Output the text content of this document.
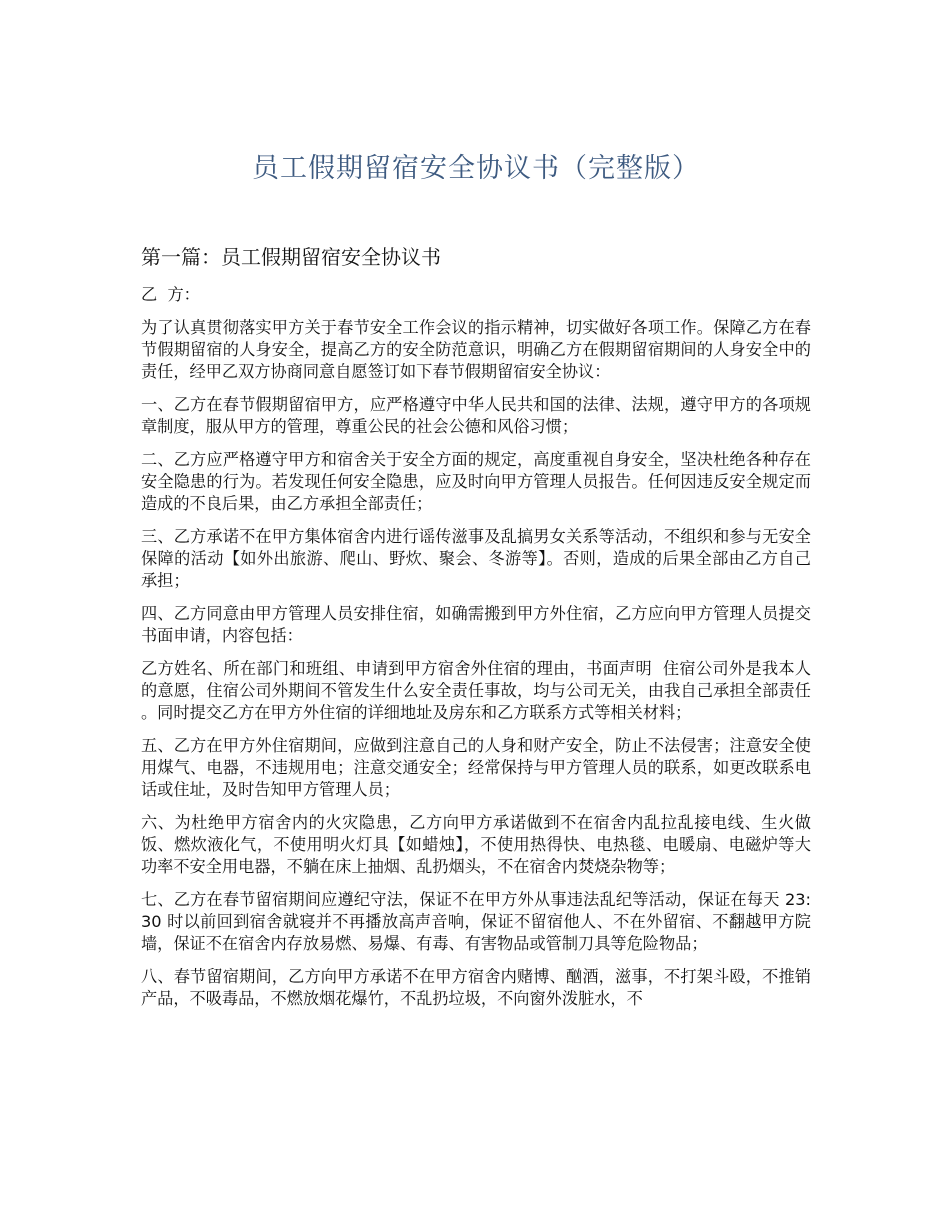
员工假期留宿安全协议书（完整版）
第一篇：员工假期留宿安全协议书

乙  方：

为了认真贯彻落实甲方关于春节安全工作会议的指示精神，切实做好各项工作。保障乙方在春节假期留宿的人身安全，提高乙方的安全防范意识，明确乙方在假期留宿期间的人身安全中的责任，经甲乙双方协商同意自愿签订如下春节假期留宿安全协议：

一、乙方在春节假期留宿甲方，应严格遵守中华人民共和国的法律、法规，遵守甲方的各项规章制度，服从甲方的管理，尊重公民的社会公德和风俗习惯；

二、乙方应严格遵守甲方和宿舍关于安全方面的规定，高度重视自身安全，坚决杜绝各种存在安全隐患的行为。若发现任何安全隐患，应及时向甲方管理人员报告。任何因违反安全规定而造成的不良后果，由乙方承担全部责任；

三、乙方承诺不在甲方集体宿舍内进行谣传滋事及乱搞男女关系等活动，不组织和参与无安全保障的活动【如外出旅游、爬山、野炊、聚会、冬游等】。否则，造成的后果全部由乙方自己承担；

四、乙方同意由甲方管理人员安排住宿，如确需搬到甲方外住宿，乙方应向甲方管理人员提交书面申请，内容包括：

乙方姓名、所在部门和班组、申请到甲方宿舍外住宿的理由，书面声明  住宿公司外是我本人的意愿，住宿公司外期间不管发生什么安全责任事故，均与公司无关，由我自己承担全部责任  。同时提交乙方在甲方外住宿的详细地址及房东和乙方联系方式等相关材料；

五、乙方在甲方外住宿期间，应做到注意自己的人身和财产安全，防止不法侵害；注意安全使用煤气、电器，不违规用电；注意交通安全；经常保持与甲方管理人员的联系，如更改联系电话或住址，及时告知甲方管理人员；

六、为杜绝甲方宿舍内的火灾隐患，乙方向甲方承诺做到不在宿舍内乱拉乱接电线、生火做饭、燃炊液化气，不使用明火灯具【如蜡烛】，不使用热得快、电热毯、电暖扇、电磁炉等大功率不安全用电器，不躺在床上抽烟、乱扔烟头，不在宿舍内焚烧杂物等；

七、乙方在春节留宿期间应遵纪守法，保证不在甲方外从事违法乱纪等活动，保证在每天 23:30 时以前回到宿舍就寝并不再播放高声音响，保证不留宿他人、不在外留宿、不翻越甲方院墙，保证不在宿舍内存放易燃、易爆、有毒、有害物品或管制刀具等危险物品；

八、春节留宿期间，乙方向甲方承诺不在甲方宿舍内赌博、酗酒，滋事，不打架斗殴，不推销产品，不吸毒品，不燃放烟花爆竹，不乱扔垃圾，不向窗外泼脏水，不
